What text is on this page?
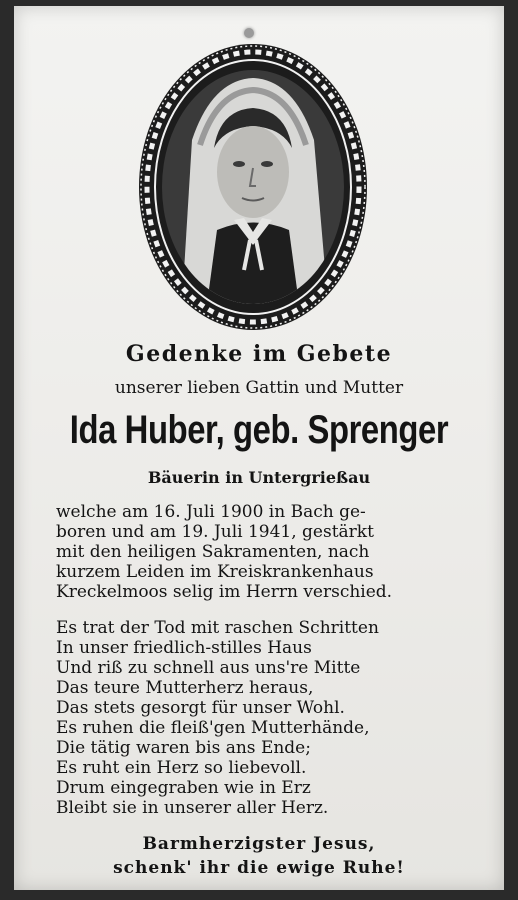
Gedenke im Gebete
unserer lieben Gattin und Mutter
Ida Huber, geb. Sprenger
Bäuerin in Untergrießau
welche am 16. Juli 1900 in Bach ge-
boren und am 19. Juli 1941, gestärkt
mit den heiligen Sakramenten, nach
kurzem Leiden im Kreiskrankenhaus
Kreckelmoos selig im Herrn verschied.
Es trat der Tod mit raschen Schritten
In unser friedlich-stilles Haus
Und riß zu schnell aus uns're Mitte
Das teure Mutterherz heraus,
Das stets gesorgt für unser Wohl.
Es ruhen die fleiß'gen Mutterhände,
Die tätig waren bis ans Ende;
Es ruht ein Herz so liebevoll.
Drum eingegraben wie in Erz
Bleibt sie in unserer aller Herz.
Barmherzigster Jesus,
schenk' ihr die ewige Ruhe!
